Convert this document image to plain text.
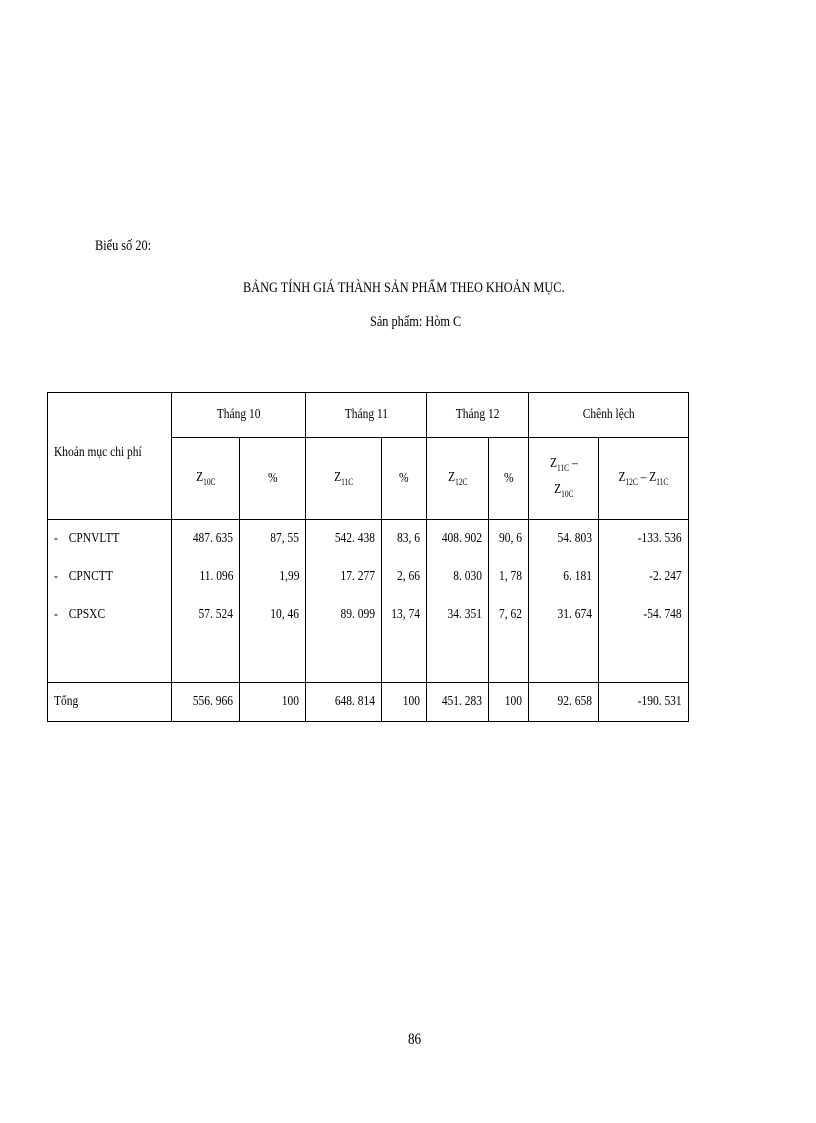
Biểu số 20:
BẢNG TÍNH GIÁ THÀNH SẢN PHẨM THEO KHOẢN MỤC.
Sản phẩm: Hòm C
Khoản mục chi phí	Tháng 10		Tháng 11		Tháng 12		Chênh lệch	
	$Z_{10C}$	%	$Z_{11C}$	%	$Z_{12C}$	%	$Z_{11C}$ –
$Z_{10C}$	$Z_{12C} - Z_{11C}$
- CPNVLTT	487. 635	87, 55	542. 438	83, 6	408. 902	90, 6	54. 803	-133. 536
- CPNCTT	11. 096	1,99	17. 277	2, 66	8. 030	1, 78	6. 181	-2. 247
- CPSXC	57. 524	10, 46	89. 099	13, 74	34. 351	7, 62	31. 674	-54. 748

Tổng	556. 966	100	648. 814	100	451. 283	100	92. 658	-190. 531
86
